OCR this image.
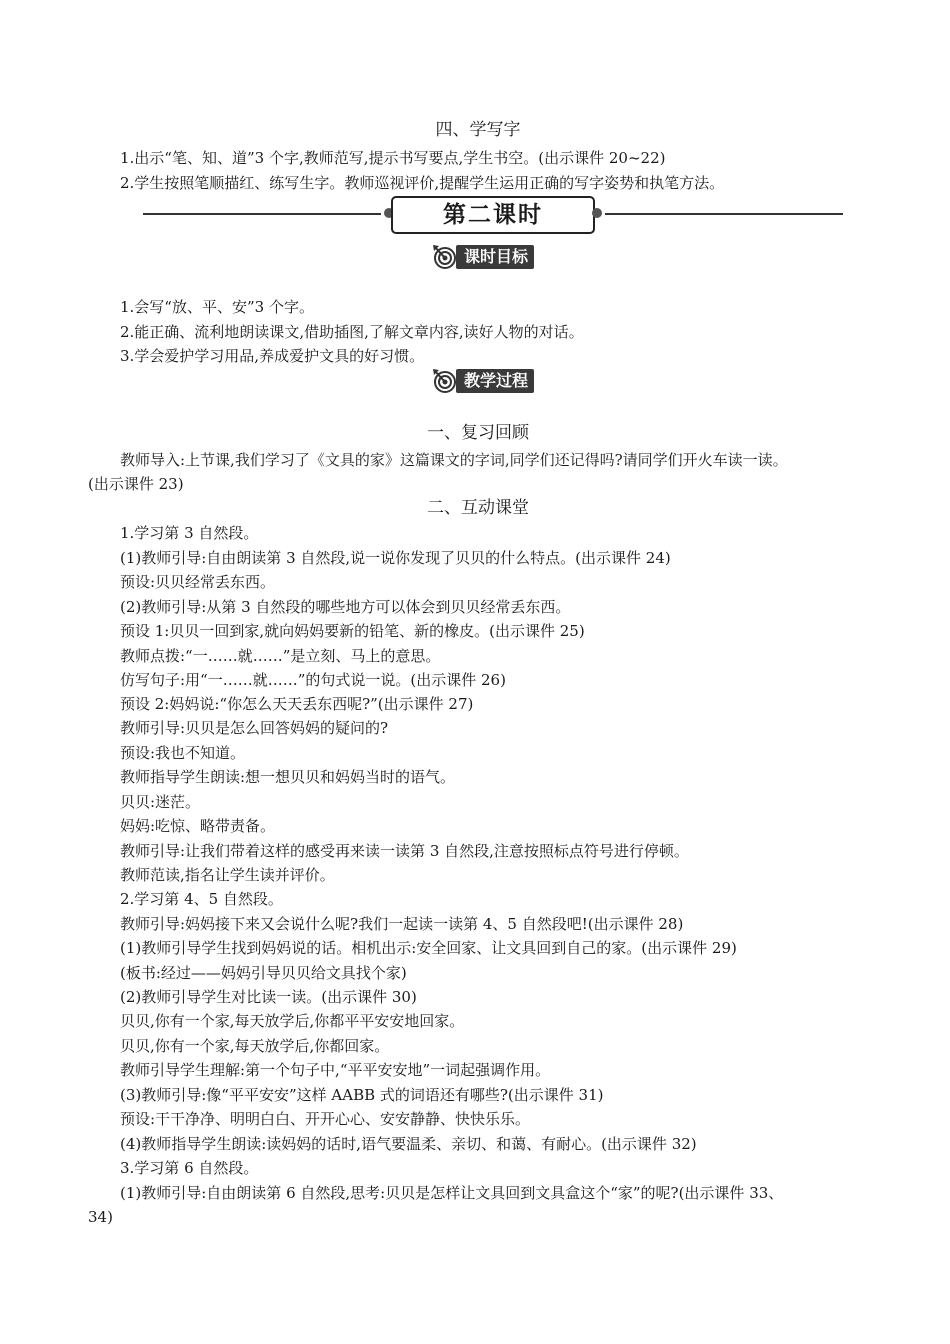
四、学写字
1.出示“笔、知、道”3 个字,教师范写,提示书写要点,学生书空。(出示课件 20~22)
2.学生按照笔顺描红、练写生字。教师巡视评价,提醒学生运用正确的写字姿势和执笔方法。
第二课时
课时目标
1.会写“放、平、安”3 个字。
2.能正确、流利地朗读课文,借助插图,了解文章内容,读好人物的对话。
3.学会爱护学习用品,养成爱护文具的好习惯。
教学过程
一、复习回顾
教师导入:上节课,我们学习了《文具的家》这篇课文的字词,同学们还记得吗?请同学们开火车读一读。
(出示课件 23)
二、互动课堂
1.学习第 3 自然段。
(1)教师引导:自由朗读第 3 自然段,说一说你发现了贝贝的什么特点。(出示课件 24)
预设:贝贝经常丢东西。
(2)教师引导:从第 3 自然段的哪些地方可以体会到贝贝经常丢东西。
预设 1:贝贝一回到家,就向妈妈要新的铅笔、新的橡皮。(出示课件 25)
教师点拨:“一……就……”是立刻、马上的意思。
仿写句子:用“一……就……”的句式说一说。(出示课件 26)
预设 2:妈妈说:“你怎么天天丢东西呢?”(出示课件 27)
教师引导:贝贝是怎么回答妈妈的疑问的?
预设:我也不知道。
教师指导学生朗读:想一想贝贝和妈妈当时的语气。
贝贝:迷茫。
妈妈:吃惊、略带责备。
教师引导:让我们带着这样的感受再来读一读第 3 自然段,注意按照标点符号进行停顿。
教师范读,指名让学生读并评价。
2.学习第 4、5 自然段。
教师引导:妈妈接下来又会说什么呢?我们一起读一读第 4、5 自然段吧!(出示课件 28)
(1)教师引导学生找到妈妈说的话。相机出示:安全回家、让文具回到自己的家。(出示课件 29)
(板书:经过——妈妈引导贝贝给文具找个家)
(2)教师引导学生对比读一读。(出示课件 30)
贝贝,你有一个家,每天放学后,你都平平安安地回家。
贝贝,你有一个家,每天放学后,你都回家。
教师引导学生理解:第一个句子中,“平平安安地”一词起强调作用。
(3)教师引导:像“平平安安”这样 AABB 式的词语还有哪些?(出示课件 31)
预设:干干净净、明明白白、开开心心、安安静静、快快乐乐。
(4)教师指导学生朗读:读妈妈的话时,语气要温柔、亲切、和蔼、有耐心。(出示课件 32)
3.学习第 6 自然段。
(1)教师引导:自由朗读第 6 自然段,思考:贝贝是怎样让文具回到文具盒这个“家”的呢?(出示课件 33、
34)
